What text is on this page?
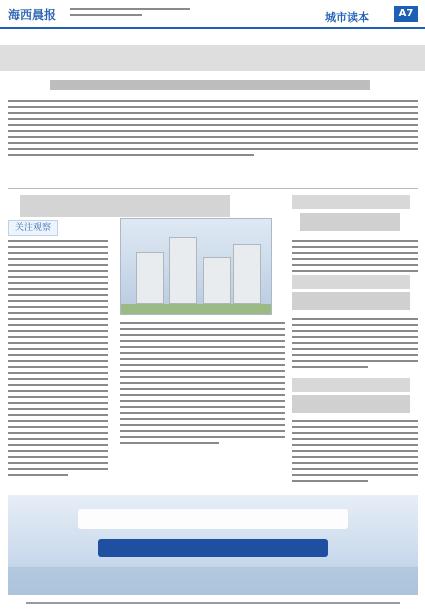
海西晨报	城市读本	A7
关注观察
